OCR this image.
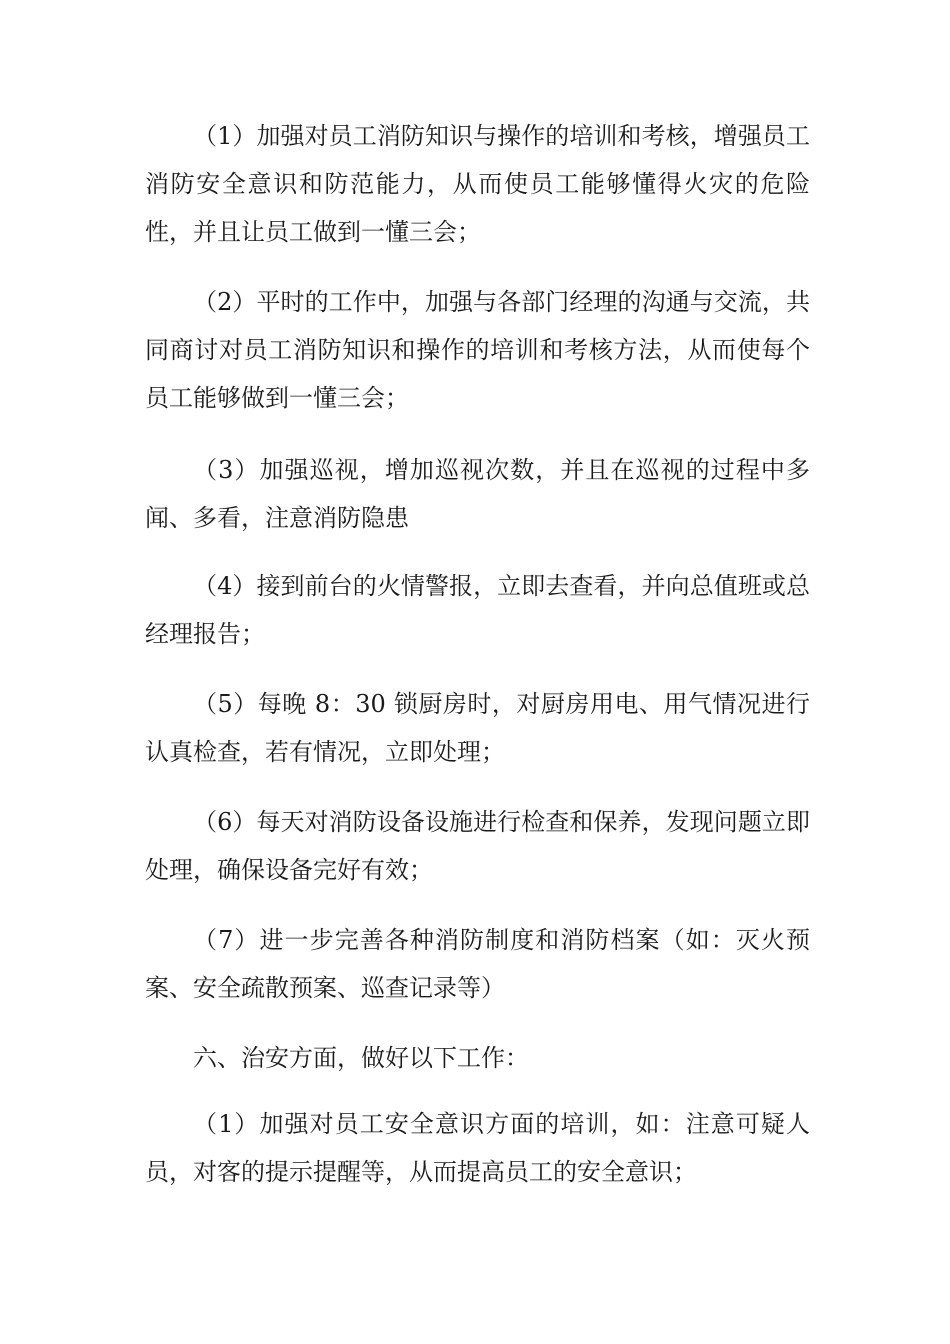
（1）加强对员工消防知识与操作的培训和考核，增强员工消防安全意识和防范能力，从而使员工能够懂得火灾的危险性，并且让员工做到一懂三会；

（2）平时的工作中，加强与各部门经理的沟通与交流，共同商讨对员工消防知识和操作的培训和考核方法，从而使每个员工能够做到一懂三会；

（3）加强巡视，增加巡视次数，并且在巡视的过程中多闻、多看，注意消防隐患

（4）接到前台的火情警报，立即去查看，并向总值班或总经理报告；

（5）每晚 8：30 锁厨房时，对厨房用电、用气情况进行认真检查，若有情况，立即处理；

（6）每天对消防设备设施进行检查和保养，发现问题立即处理，确保设备完好有效；

（7）进一步完善各种消防制度和消防档案（如：灭火预案、安全疏散预案、巡查记录等）

六、治安方面，做好以下工作：

（1）加强对员工安全意识方面的培训，如：注意可疑人员，对客的提示提醒等，从而提高员工的安全意识；
